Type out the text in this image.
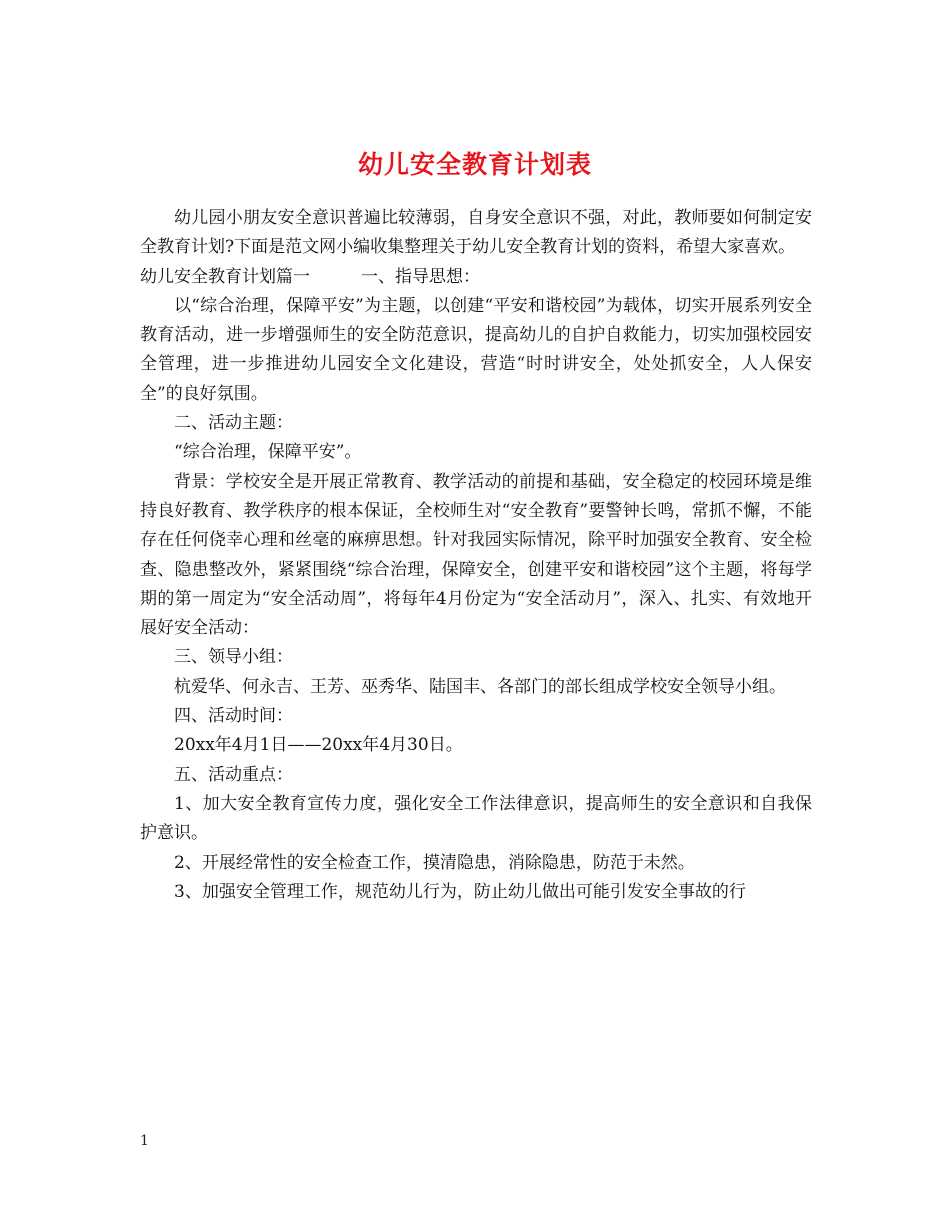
幼儿安全教育计划表

幼儿园小朋友安全意识普遍比较薄弱，自身安全意识不强，对此，教师要如何制定安全教育计划?下面是范文网小编收集整理关于幼儿安全教育计划的资料，希望大家喜欢。

幼儿安全教育计划篇一　　　一、指导思想：

以“综合治理，保障平安”为主题，以创建“平安和谐校园”为载体，切实开展系列安全教育活动，进一步增强师生的安全防范意识，提高幼儿的自护自救能力，切实加强校园安全管理，进一步推进幼儿园安全文化建设，营造“时时讲安全，处处抓安全，人人保安全”的良好氛围。

二、活动主题：

“综合治理，保障平安”。

背景：学校安全是开展正常教育、教学活动的前提和基础，安全稳定的校园环境是维持良好教育、教学秩序的根本保证，全校师生对“安全教育”要警钟长鸣，常抓不懈，不能存在任何侥幸心理和丝毫的麻痹思想。针对我园实际情况，除平时加强安全教育、安全检查、隐患整改外，紧紧围绕“综合治理，保障安全，创建平安和谐校园”这个主题，将每学期的第一周定为“安全活动周”，将每年4月份定为“安全活动月”，深入、扎实、有效地开展好安全活动：

三、领导小组：

杭爱华、何永吉、王芳、巫秀华、陆国丰、各部门的部长组成学校安全领导小组。

四、活动时间：

20xx年4月1日——20xx年4月30日。

五、活动重点：

1、加大安全教育宣传力度，强化安全工作法律意识，提高师生的安全意识和自我保护意识。

2、开展经常性的安全检查工作，摸清隐患，消除隐患，防范于未然。

3、加强安全管理工作，规范幼儿行为，防止幼儿做出可能引发安全事故的行

1
